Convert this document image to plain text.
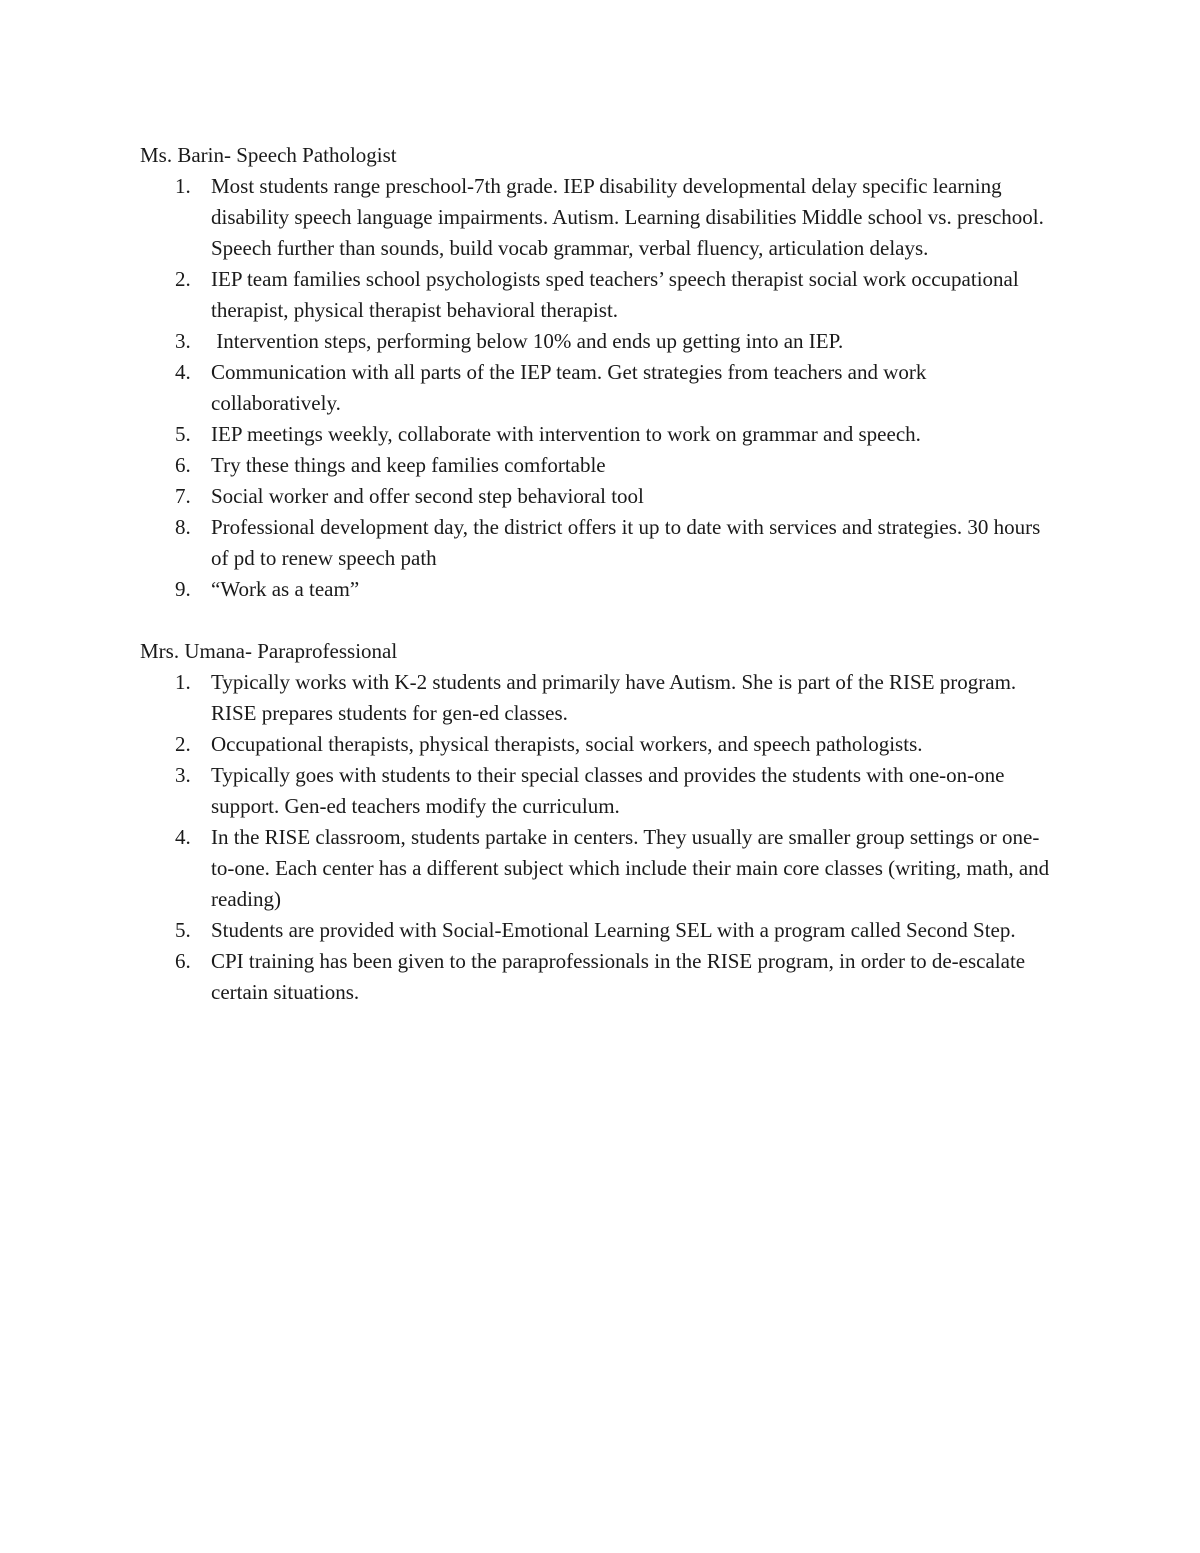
Ms. Barin- Speech Pathologist

1. Most students range preschool-7th grade. IEP disability developmental delay specific learning disability speech language impairments. Autism. Learning disabilities Middle school vs. preschool. Speech further than sounds, build vocab grammar, verbal fluency, articulation delays.
2. IEP team families school psychologists sped teachers’ speech therapist social work occupational therapist, physical therapist behavioral therapist.
3. Intervention steps, performing below 10% and ends up getting into an IEP.
4. Communication with all parts of the IEP team. Get strategies from teachers and work collaboratively.
5. IEP meetings weekly, collaborate with intervention to work on grammar and speech.
6. Try these things and keep families comfortable
7. Social worker and offer second step behavioral tool
8. Professional development day, the district offers it up to date with services and strategies. 30 hours of pd to renew speech path
9. “Work as a team”

Mrs. Umana- Paraprofessional

1. Typically works with K-2 students and primarily have Autism. She is part of the RISE program. RISE prepares students for gen-ed classes.
2. Occupational therapists, physical therapists, social workers, and speech pathologists.
3. Typically goes with students to their special classes and provides the students with one-on-one support. Gen-ed teachers modify the curriculum.
4. In the RISE classroom, students partake in centers. They usually are smaller group settings or one-to-one. Each center has a different subject which include their main core classes (writing, math, and reading)
5. Students are provided with Social-Emotional Learning SEL with a program called Second Step.
6. CPI training has been given to the paraprofessionals in the RISE program, in order to de-escalate certain situations.
